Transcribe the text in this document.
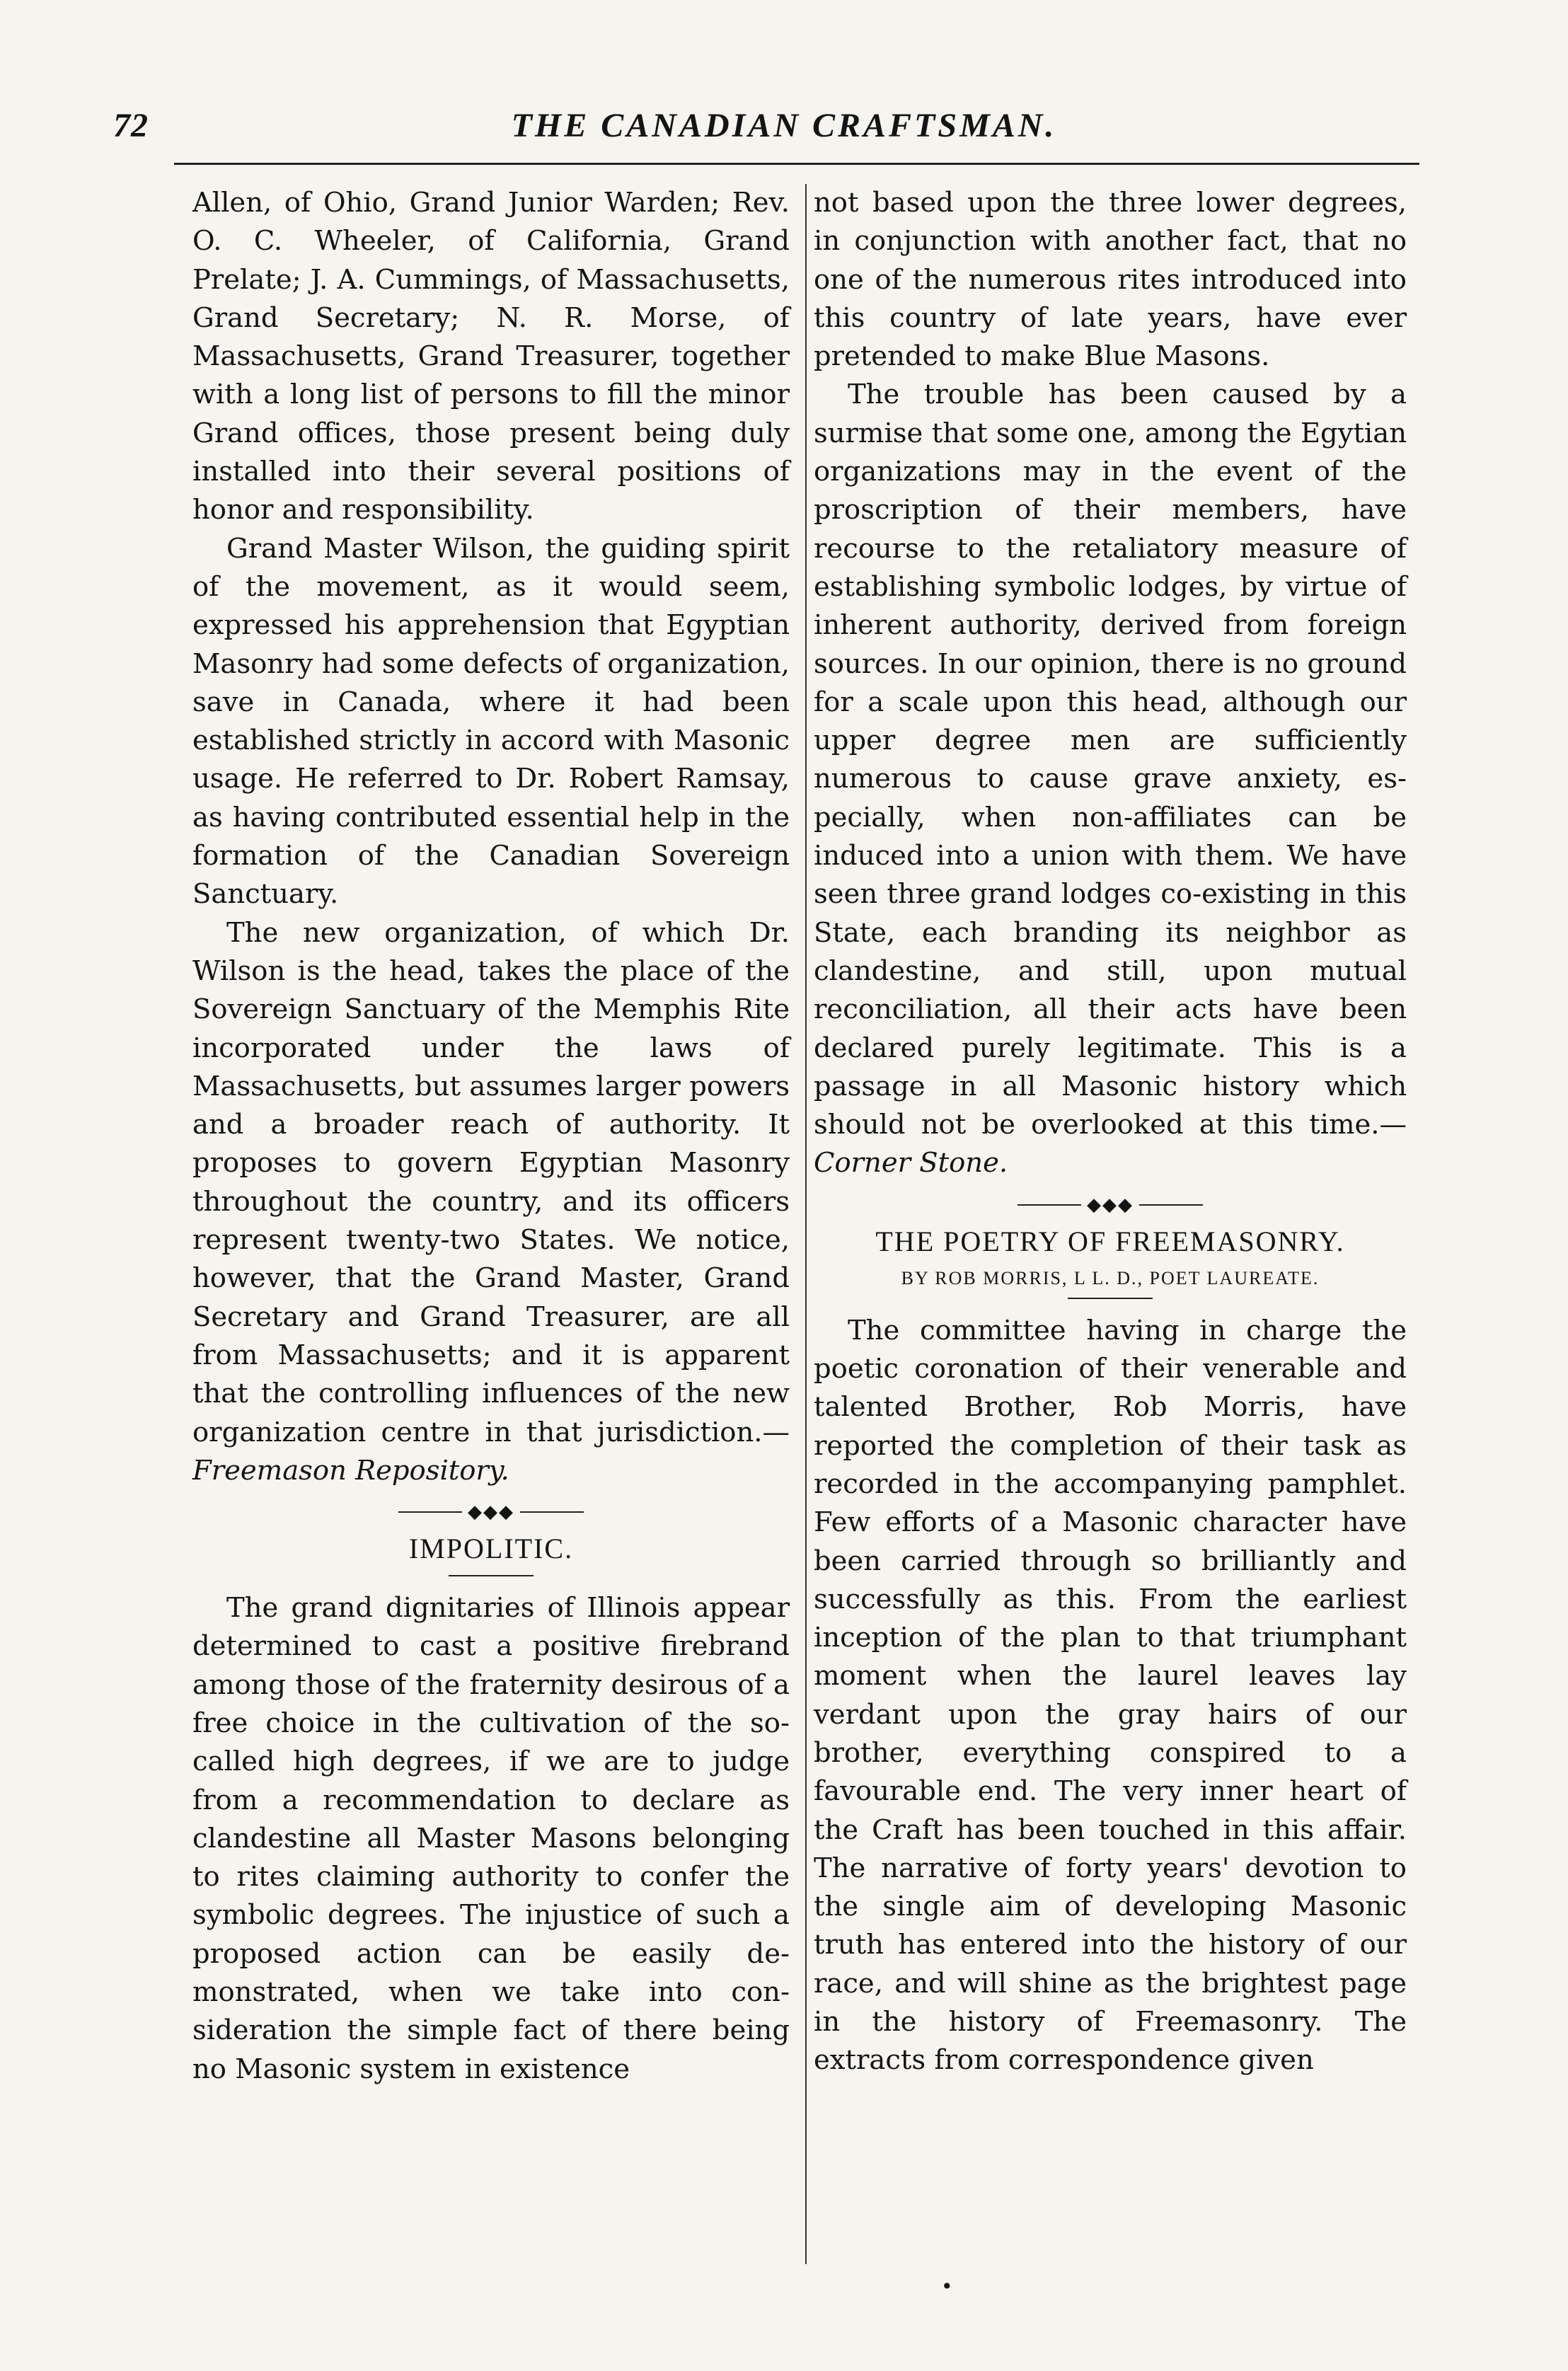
72	THE CANADIAN CRAFTSMAN.

Allen, of Ohio, Grand Junior Warden; Rev. O. C. Wheeler, of California, Grand Prelate; J. A. Cummings, of Massachusetts, Grand Secretary; N. R. Morse, of Massachusetts, Grand Treasurer, together with a long list of persons to fill the minor Grand offices, those present being duly installed into their several positions of honor and responsibility.

Grand Master Wilson, the guiding spirit of the movement, as it would seem, expressed his apprehension that Egyptian Masonry had some defects of organization, save in Canada, where it had been established strictly in accord with Masonic usage. He referred to Dr. Robert Ramsay, as having contributed essential help in the formation of the Canadian Sovereign Sanctuary.

The new organization, of which Dr. Wilson is the head, takes the place of the Sovereign Sanctuary of the Memphis Rite incorporated under the laws of Massachusetts, but assumes larger powers and a broader reach of authority. It proposes to govern Egyptian Masonry throughout the country, and its officers represent twenty-two States. We notice, however, that the Grand Master, Grand Secretary and Grand Treasurer, are all from Massachusetts; and it is apparent that the controlling influences of the new organization centre in that jurisdiction.—Freemason Repository.

◆◆◆
IMPOLITIC.

The grand dignitaries of Illinois appear determined to cast a positive firebrand among those of the fraternity desirous of a free choice in the cultivation of the so-called high degrees, if we are to judge from a recommendation to declare as clandestine all Master Masons belonging to rites claiming authority to confer the symbolic degrees. The injustice of such a proposed action can be easily demonstrated, when we take into consideration the simple fact of there being no Masonic system in existence

not based upon the three lower degrees, in conjunction with another fact, that no one of the numerous rites introduced into this country of late years, have ever pretended to make Blue Masons.

The trouble has been caused by a surmise that some one, among the Egytian organizations may in the event of the proscription of their members, have recourse to the retaliatory measure of establishing symbolic lodges, by virtue of inherent authority, derived from foreign sources. In our opinion, there is no ground for a scale upon this head, although our upper degree men are sufficiently numerous to cause grave anxiety, especially, when non-affiliates can be induced into a union with them. We have seen three grand lodges co-existing in this State, each branding its neighbor as clandestine, and still, upon mutual reconciliation, all their acts have been declared purely legitimate. This is a passage in all Masonic history which should not be overlooked at this time.—Corner Stone.

◆◆◆
THE POETRY OF FREEMASONRY.
BY ROB MORRIS, L L. D., POET LAUREATE.

The committee having in charge the poetic coronation of their venerable and talented Brother, Rob Morris, have reported the completion of their task as recorded in the accompanying pamphlet. Few efforts of a Masonic character have been carried through so brilliantly and successfully as this. From the earliest inception of the plan to that triumphant moment when the laurel leaves lay verdant upon the gray hairs of our brother, everything conspired to a favourable end. The very inner heart of the Craft has been touched in this affair. The narrative of forty years' devotion to the single aim of developing Masonic truth has entered into the history of our race, and will shine as the brightest page in the history of Freemasonry. The extracts from correspondence given

•
